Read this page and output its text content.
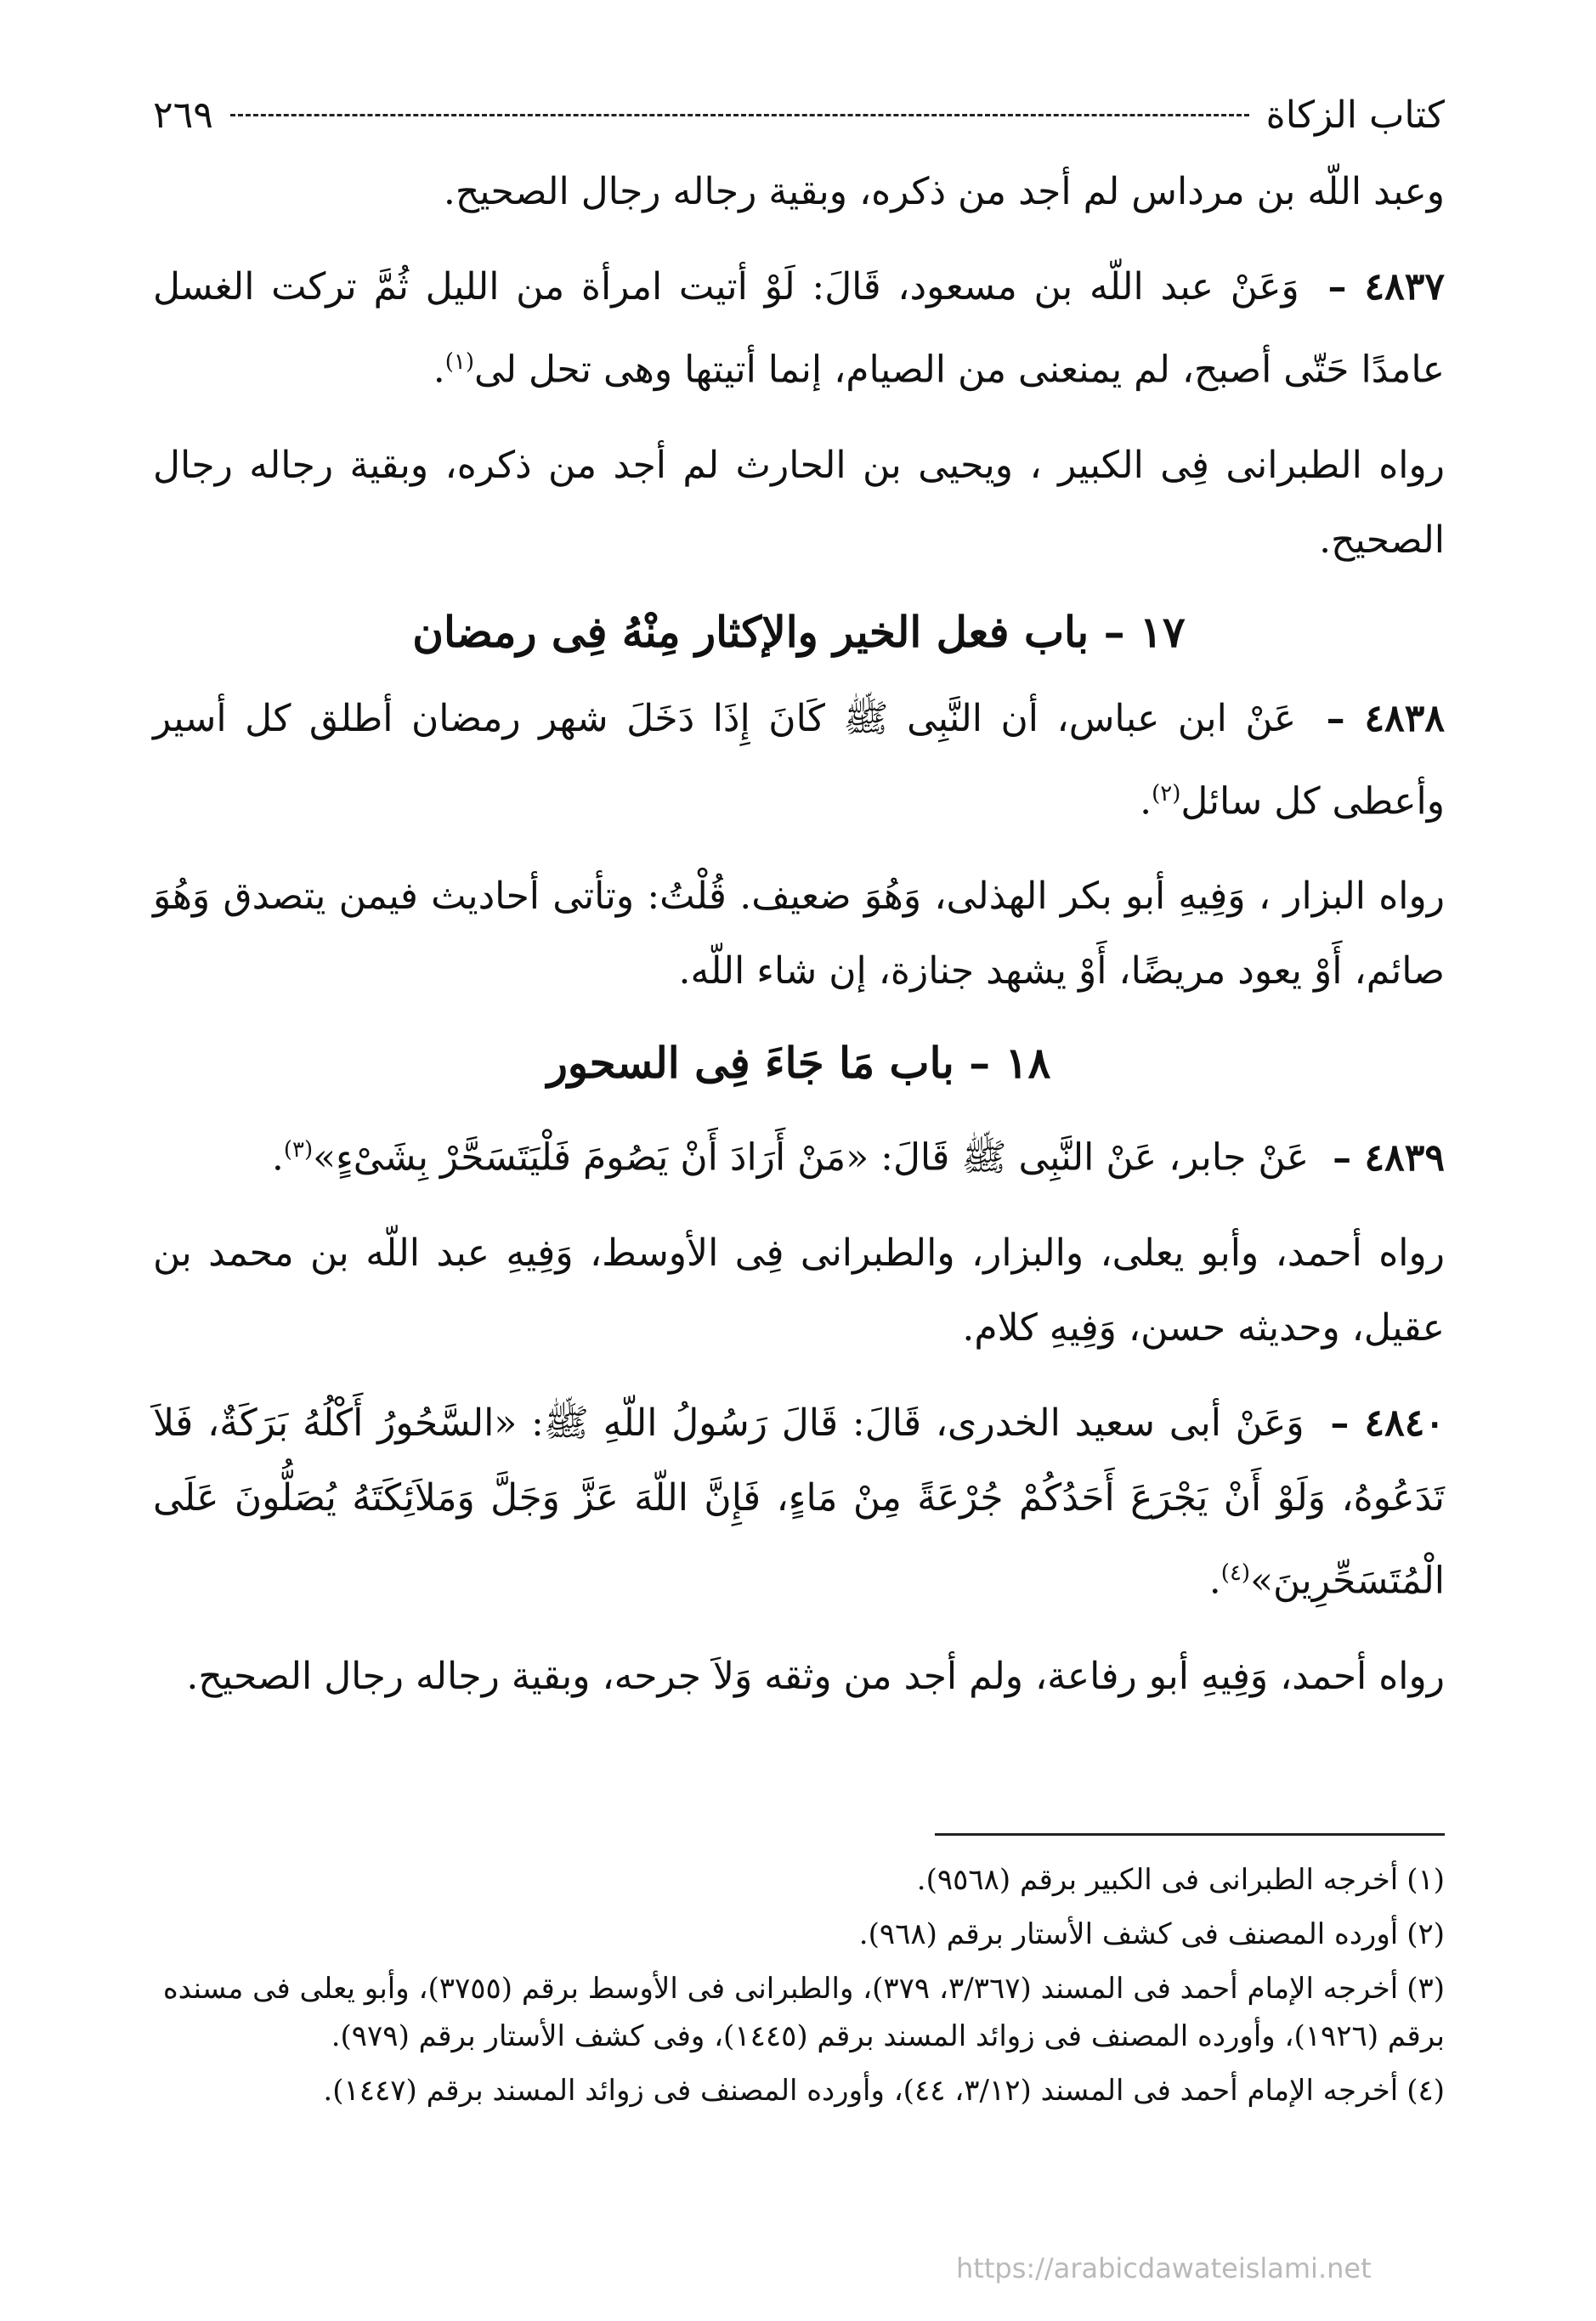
كتاب الزكاة
٢٦٩
وعبد اللّه بن مرداس لم أجد من ذكره، وبقية رجاله رجال الصحيح.
٤٨٣٧ – وَعَنْ عبد اللّه بن مسعود، قَالَ: لَوْ أتيت امرأة من الليل ثُمَّ تركت الغسل عامدًا حَتّى أصبح، لم يمنعنى من الصيام، إنما أتيتها وهى تحل لى$^{(١)}$.
رواه الطبرانى فِى الكبير ، ويحيى بن الحارث لم أجد من ذكره، وبقية رجاله رجال الصحيح.
١٧ – باب فعل الخير والإكثار مِنْهُ فِى رمضان
٤٨٣٨ – عَنْ ابن عباس، أن النَّبِى ﷺ كَانَ إِذَا دَخَلَ شهر رمضان أطلق كل أسير وأعطى كل سائل$^{(٢)}$.
رواه البزار ، وَفِيهِ أبو بكر الهذلى، وَهُوَ ضعيف. قُلْتُ: وتأتى أحاديث فيمن يتصدق وَهُوَ صائم، أَوْ يعود مريضًا، أَوْ يشهد جنازة، إن شاء اللّه.
١٨ – باب مَا جَاءَ فِى السحور
٤٨٣٩ – عَنْ جابر، عَنْ النَّبِى ﷺ قَالَ: «مَنْ أَرَادَ أَنْ يَصُومَ فَلْيَتَسَحَّرْ بِشَىْءٍ»$^{(٣)}$.
رواه أحمد، وأبو يعلى، والبزار، والطبرانى فِى الأوسط، وَفِيهِ عبد اللّه بن محمد بن عقيل، وحديثه حسن، وَفِيهِ كلام.
٤٨٤٠ – وَعَنْ أبى سعيد الخدرى، قَالَ: قَالَ رَسُولُ اللّهِ ﷺ: «السَّحُورُ أَكْلُهُ بَرَكَةٌ، فَلاَ تَدَعُوهُ، وَلَوْ أَنْ يَجْرَعَ أَحَدُكُمْ جُرْعَةً مِنْ مَاءٍ، فَإِنَّ اللّهَ عَزَّ وَجَلَّ وَمَلاَئِكَتَهُ يُصَلُّونَ عَلَى الْمُتَسَحِّرِينَ»$^{(٤)}$.
رواه أحمد، وَفِيهِ أبو رفاعة، ولم أجد من وثقه وَلاَ جرحه، وبقية رجاله رجال الصحيح.
(١)أخرجه الطبرانى فى الكبير برقم (٩٥٦٨).
(٢)أورده المصنف فى كشف الأستار برقم (٩٦٨).
(٣)أخرجه الإمام أحمد فى المسند (٣/٣٦٧، ٣٧٩)، والطبرانى فى الأوسط برقم (٣٧٥٥)، وأبو يعلى فى مسنده برقم (١٩٢٦)، وأورده المصنف فى زوائد المسند برقم (١٤٤٥)، وفى كشف الأستار برقم (٩٧٩).
(٤)أخرجه الإمام أحمد فى المسند (٣/١٢، ٤٤)، وأورده المصنف فى زوائد المسند برقم (١٤٤٧).
https://arabicdawateislami.net
